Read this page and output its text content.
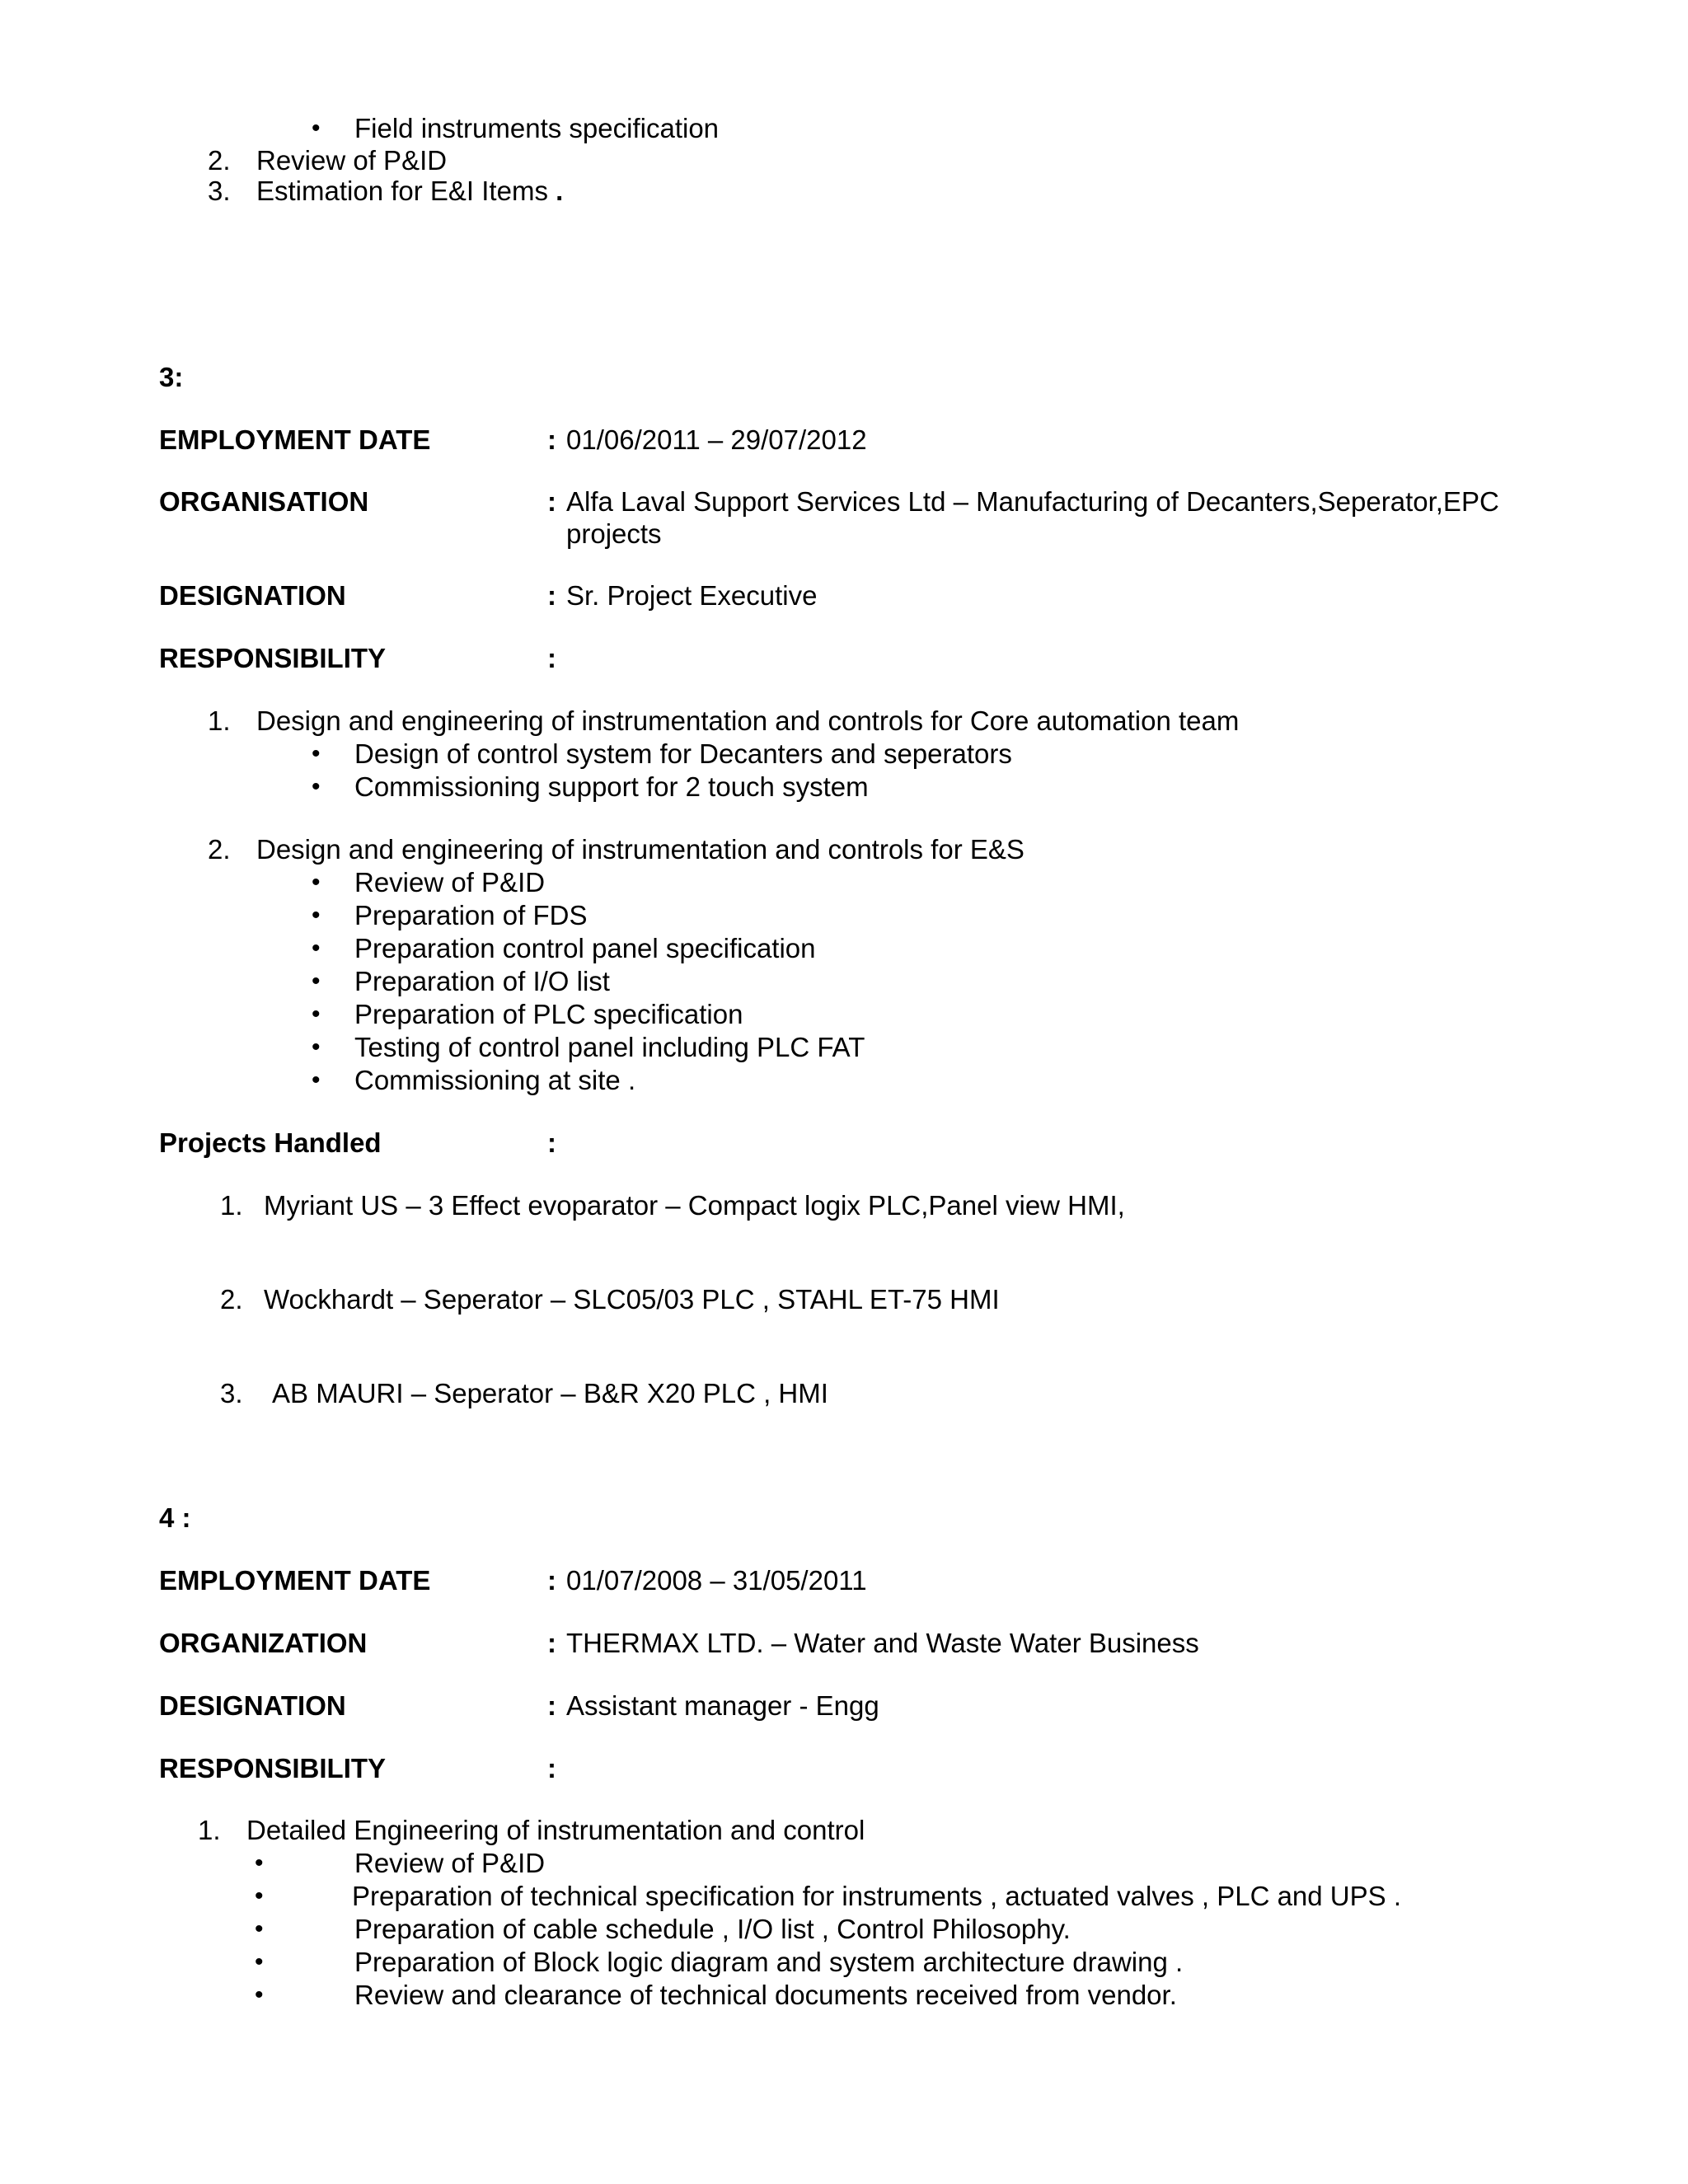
• Field instruments specification
2. Review of P&ID
3. Estimation for E&I Items .
3:
EMPLOYMENT DATE	: 01/06/2011 – 29/07/2012
ORGANISATION	: Alfa Laval Support Services Ltd – Manufacturing of Decanters,Seperator,EPC
projects
DESIGNATION	: Sr. Project Executive
RESPONSIBILITY	:
1. Design and engineering of instrumentation and controls for Core automation team
• Design of control system for Decanters and seperators
• Commissioning support for 2 touch system
2. Design and engineering of instrumentation and controls for E&S
• Review of P&ID
• Preparation of FDS
• Preparation control panel specification
• Preparation of I/O list
• Preparation of PLC specification
• Testing of control panel including PLC FAT
• Commissioning at site .
Projects Handled	:
1. Myriant US – 3 Effect evoparator – Compact logix PLC,Panel view HMI,
2. Wockhardt – Seperator – SLC05/03 PLC , STAHL ET-75 HMI
3. AB MAURI – Seperator – B&R X20 PLC , HMI
4 :
EMPLOYMENT DATE	: 01/07/2008 – 31/05/2011
ORGANIZATION	: THERMAX LTD. – Water and Waste Water Business
DESIGNATION	: Assistant manager - Engg
RESPONSIBILITY	:
1. Detailed Engineering of instrumentation and control
•	Review of P&ID
•	Preparation of technical specification for instruments , actuated valves , PLC and UPS .
•	Preparation of cable schedule , I/O list , Control Philosophy.
•	Preparation of Block logic diagram and system architecture drawing .
•	Review and clearance of technical documents received from vendor.
